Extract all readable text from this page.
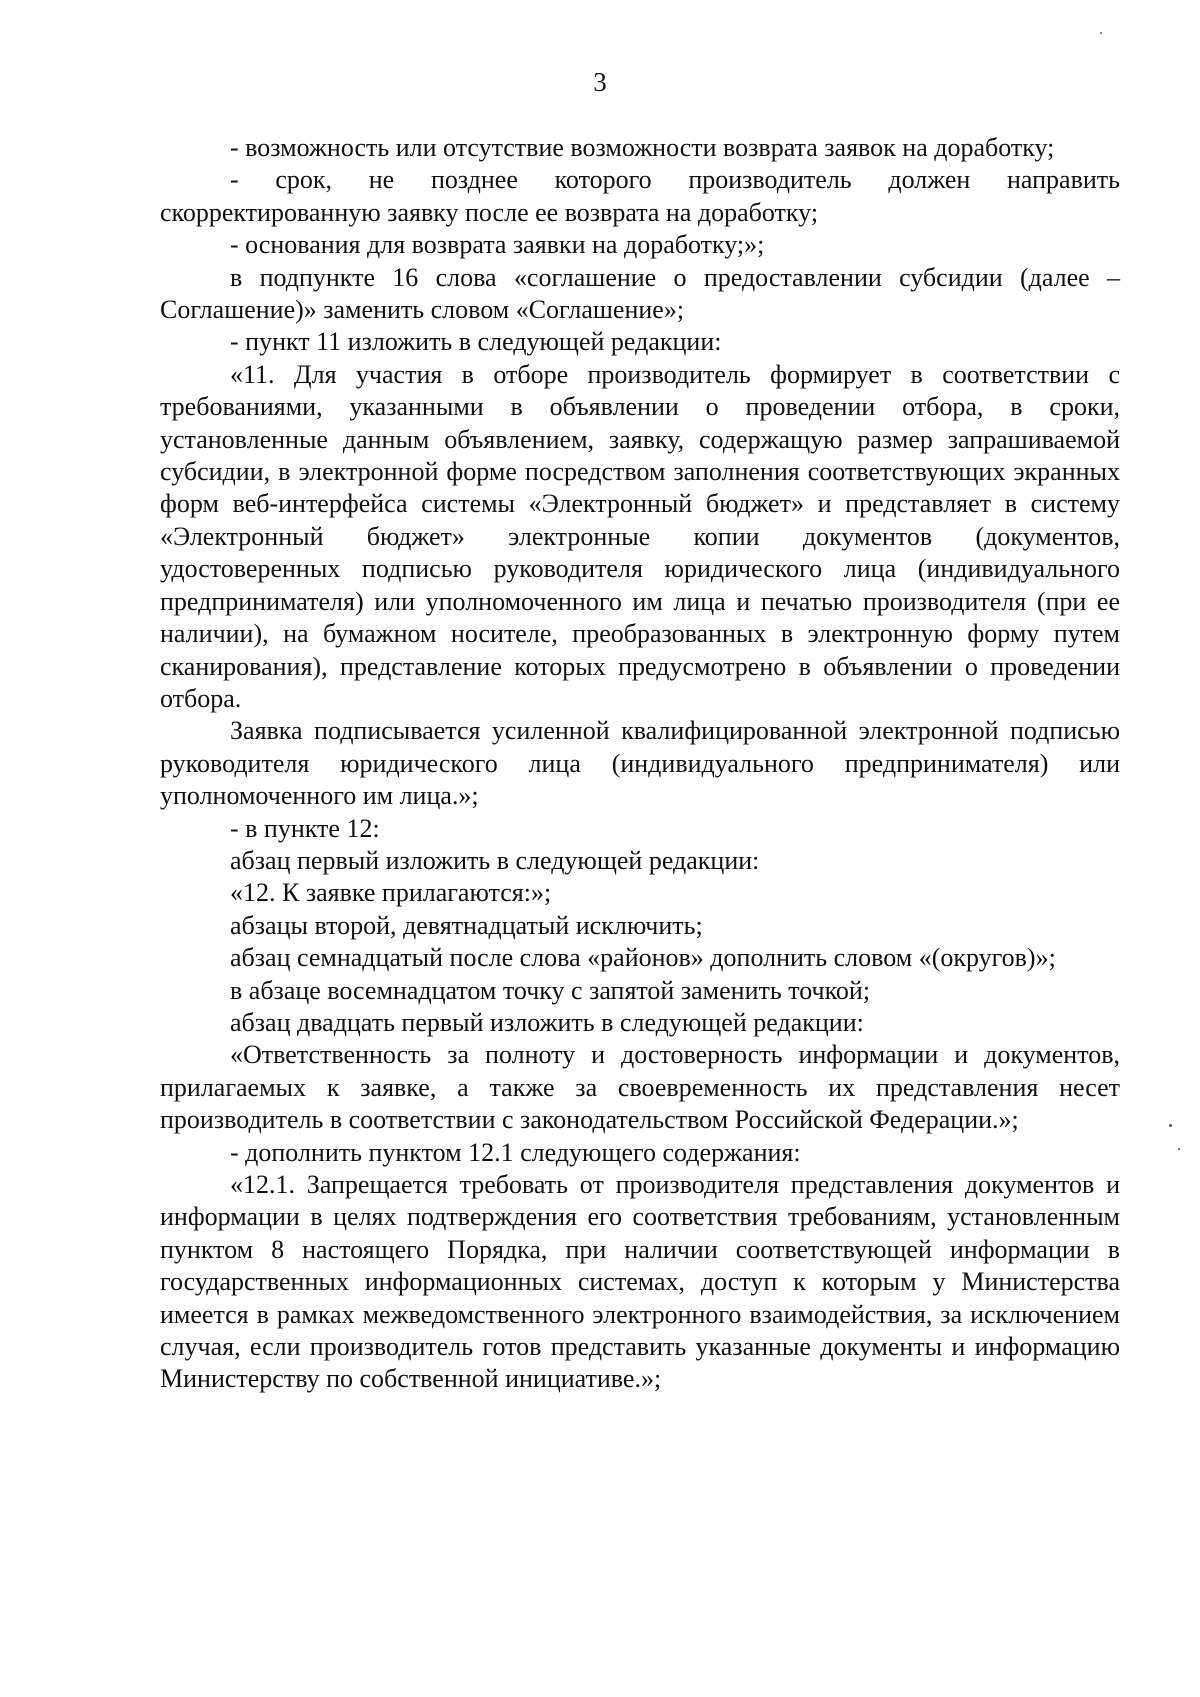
3

- возможность или отсутствие возможности возврата заявок на доработку;

- срок, не позднее которого производитель должен направить скорректированную заявку после ее возврата на доработку;

- основания для возврата заявки на доработку;»;

в подпункте 16 слова «соглашение о предоставлении субсидии (далее – Соглашение)» заменить словом «Соглашение»;

- пункт 11 изложить в следующей редакции:

«11. Для участия в отборе производитель формирует в соответствии с требованиями, указанными в объявлении о проведении отбора, в сроки, установленные данным объявлением, заявку, содержащую размер запрашиваемой субсидии, в электронной форме посредством заполнения соответствующих экранных форм веб-интерфейса системы «Электронный бюджет» и представляет в систему «Электронный бюджет» электронные копии документов (документов, удостоверенных подписью руководителя юридического лица (индивидуального предпринимателя) или уполномоченного им лица и печатью производителя (при ее наличии), на бумажном носителе, преобразованных в электронную форму путем сканирования), представление которых предусмотрено в объявлении о проведении отбора.

Заявка подписывается усиленной квалифицированной электронной подписью руководителя юридического лица (индивидуального предпринимателя) или уполномоченного им лица.»;

- в пункте 12:

абзац первый изложить в следующей редакции:

«12. К заявке прилагаются:»;

абзацы второй, девятнадцатый исключить;

абзац семнадцатый после слова «районов» дополнить словом «(округов)»;

в абзаце восемнадцатом точку с запятой заменить точкой;

абзац двадцать первый изложить в следующей редакции:

«Ответственность за полноту и достоверность информации и документов, прилагаемых к заявке, а также за своевременность их представления несет производитель в соответствии с законодательством Российской Федерации.»;

- дополнить пунктом 12.1 следующего содержания:

«12.1. Запрещается требовать от производителя представления документов и информации в целях подтверждения его соответствия требованиям, установленным пунктом 8 настоящего Порядка, при наличии соответствующей информации в государственных информационных системах, доступ к которым у Министерства имеется в рамках межведомственного электронного взаимодействия, за исключением случая, если производитель готов представить указанные документы и информацию Министерству по собственной инициативе.»;
